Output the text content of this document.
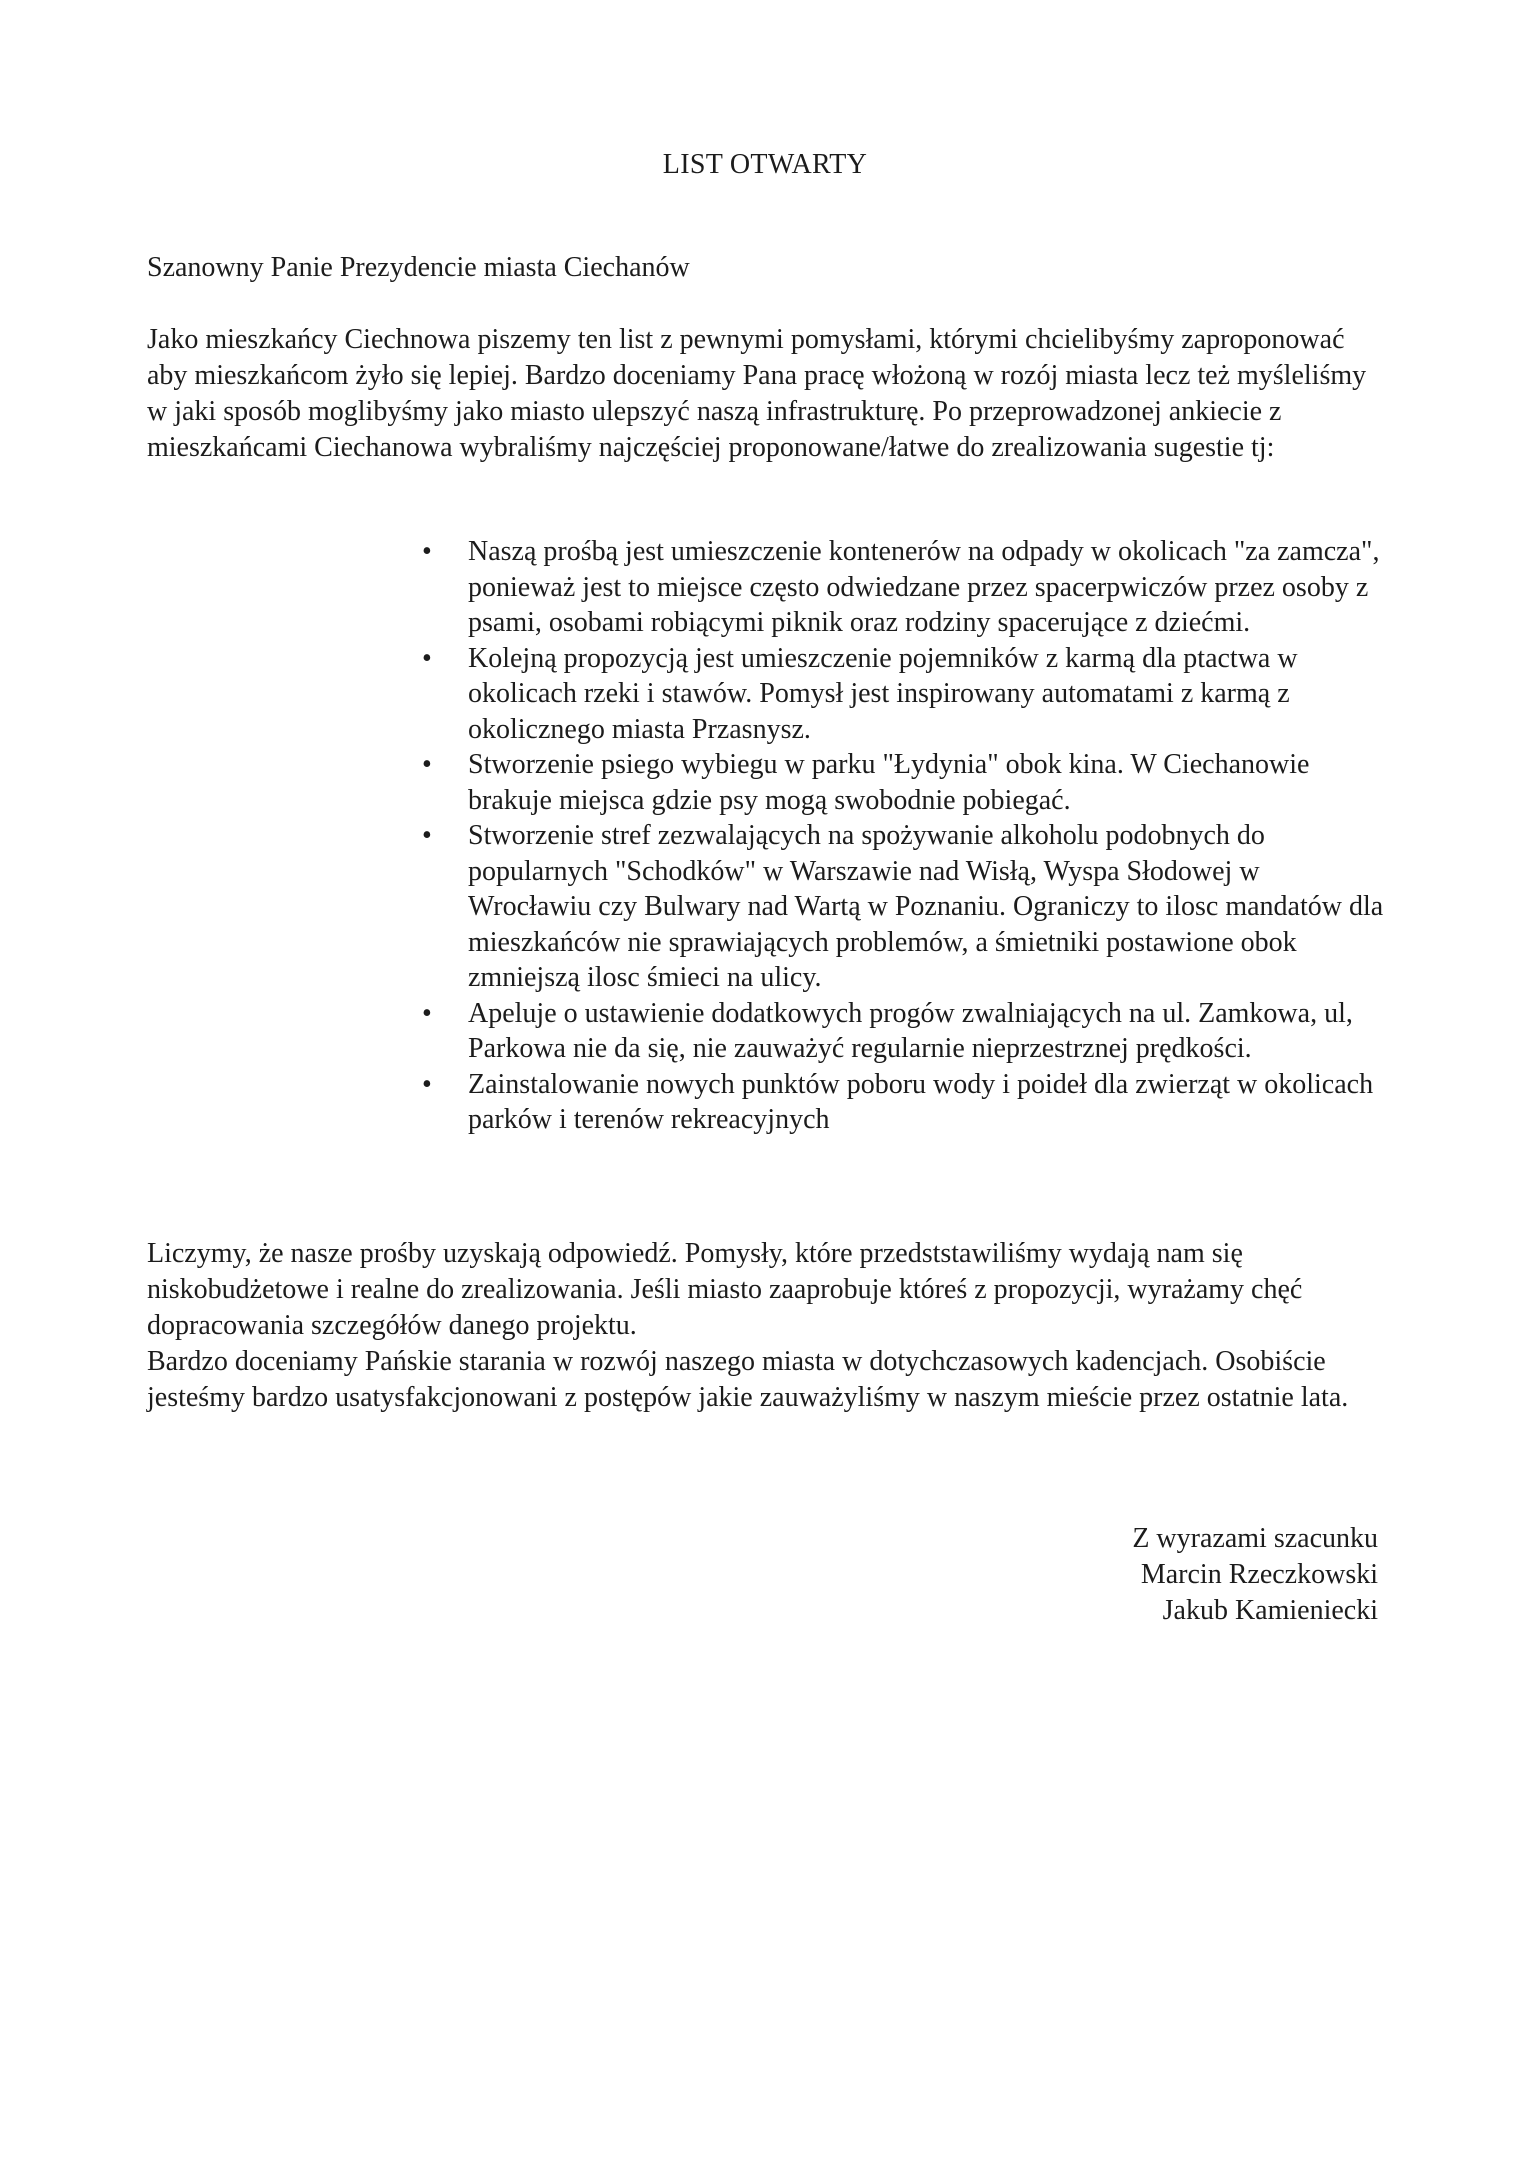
LIST OTWARTY
Szanowny Panie Prezydencie miasta Ciechanów

Jako mieszkańcy Ciechnowa piszemy ten list z pewnymi pomysłami, którymi chcielibyśmy zaproponować aby mieszkańcom żyło się lepiej. Bardzo doceniamy Pana pracę włożoną w rozój miasta lecz też myśleliśmy w jaki sposób moglibyśmy jako miasto ulepszyć naszą infrastrukturę. Po przeprowadzonej ankiecie z mieszkańcami Ciechanowa wybraliśmy najczęściej proponowane/łatwe do zrealizowania sugestie tj:

• Naszą prośbą jest umieszczenie kontenerów na odpady w okolicach "za zamcza", ponieważ jest to miejsce często odwiedzane przez spacerpwiczów przez osoby z psami, osobami robiącymi piknik oraz rodziny spacerujące z dziećmi.
• Kolejną propozycją jest umieszczenie pojemników z karmą dla ptactwa w okolicach rzeki i stawów. Pomysł jest inspirowany automatami z karmą z okolicznego miasta Przasnysz.
• Stworzenie psiego wybiegu w parku "Łydynia" obok kina. W Ciechanowie brakuje miejsca gdzie psy mogą swobodnie pobiegać.
• Stworzenie stref zezwalających na spożywanie alkoholu podobnych do popularnych "Schodków" w Warszawie nad Wisłą, Wyspa Słodowej w Wrocławiu czy Bulwary nad Wartą w Poznaniu. Ograniczy to ilosc mandatów dla mieszkańców nie sprawiających problemów, a śmietniki postawione obok zmniejszą ilosc śmieci na ulicy.
• Apeluje o ustawienie dodatkowych progów zwalniających na ul. Zamkowa, ul, Parkowa nie da się, nie zauważyć regularnie nieprzestrznej prędkości.
• Zainstalowanie nowych punktów poboru wody i poideł dla zwierząt w okolicach parków i terenów rekreacyjnych

Liczymy, że nasze prośby uzyskają odpowiedź. Pomysły, które przedststawiliśmy wydają nam się niskobudżetowe i realne do zrealizowania. Jeśli miasto zaaprobuje któreś z propozycji, wyrażamy chęć dopracowania szczegółów danego projektu.

Bardzo doceniamy Pańskie starania w rozwój naszego miasta w dotychczasowych kadencjach. Osobiście jesteśmy bardzo usatysfakcjonowani z postępów jakie zauważyliśmy w naszym mieście przez ostatnie lata.

Z wyrazami szacunku
Marcin Rzeczkowski
Jakub Kamieniecki
